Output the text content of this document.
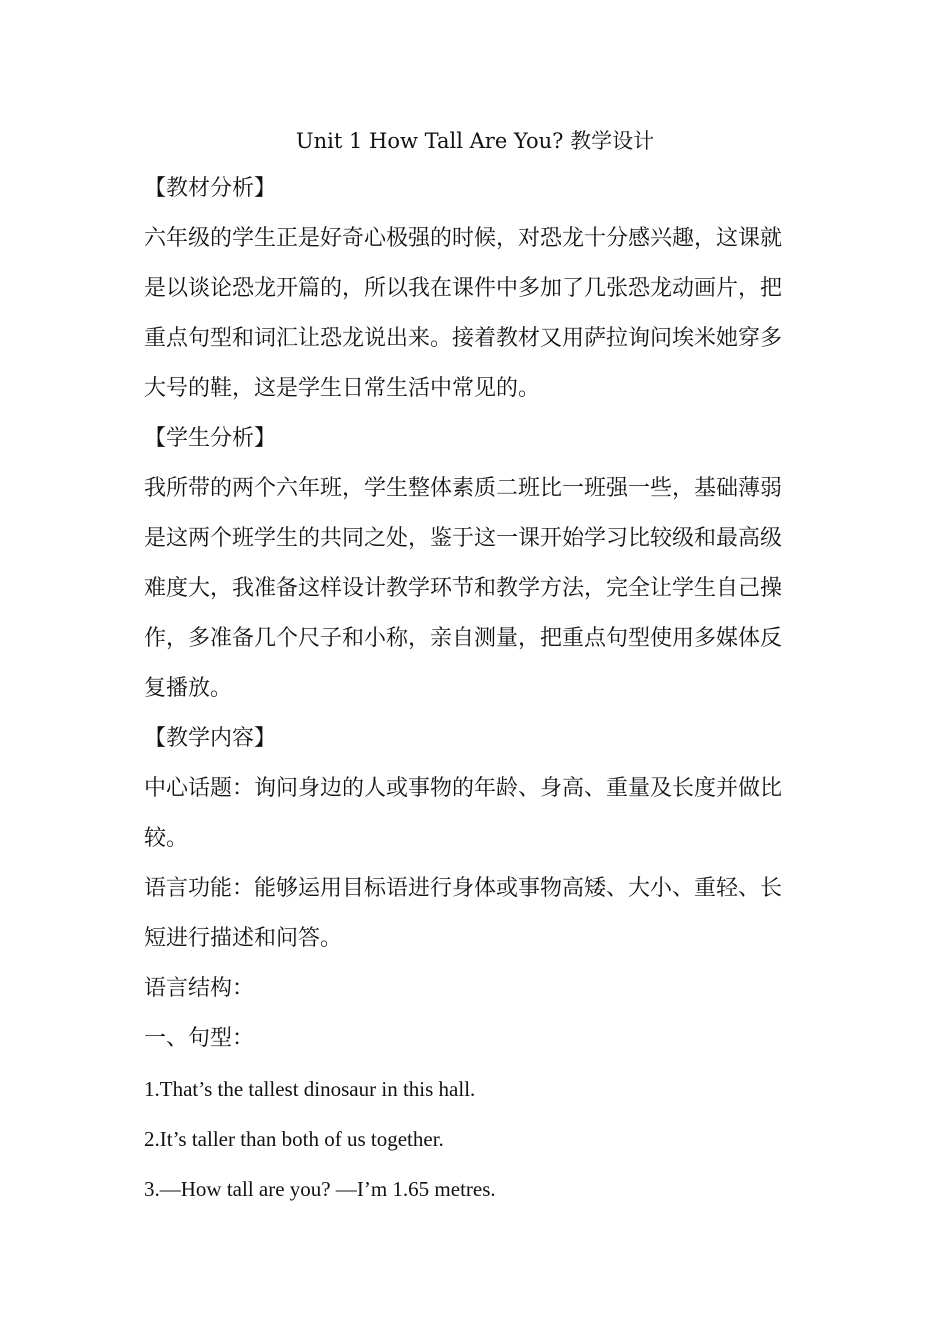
Unit 1 How Tall Are You? 教学设计
【教材分析】
六年级的学生正是好奇心极强的时候，对恐龙十分感兴趣，这课就
是以谈论恐龙开篇的，所以我在课件中多加了几张恐龙动画片，把
重点句型和词汇让恐龙说出来。接着教材又用萨拉询问埃米她穿多
大号的鞋，这是学生日常生活中常见的。
【学生分析】
我所带的两个六年班，学生整体素质二班比一班强一些，基础薄弱
是这两个班学生的共同之处，鉴于这一课开始学习比较级和最高级
难度大，我准备这样设计教学环节和教学方法，完全让学生自己操
作，多准备几个尺子和小称，亲自测量，把重点句型使用多媒体反
复播放。
【教学内容】
中心话题：询问身边的人或事物的年龄、身高、重量及长度并做比
较。
语言功能：能够运用目标语进行身体或事物高矮、大小、重轻、长
短进行描述和问答。
语言结构：
一、句型：
1.That’s the tallest dinosaur in this hall.
2.It’s taller than both of us together.
3.—How tall are you? —I’m 1.65 metres.
